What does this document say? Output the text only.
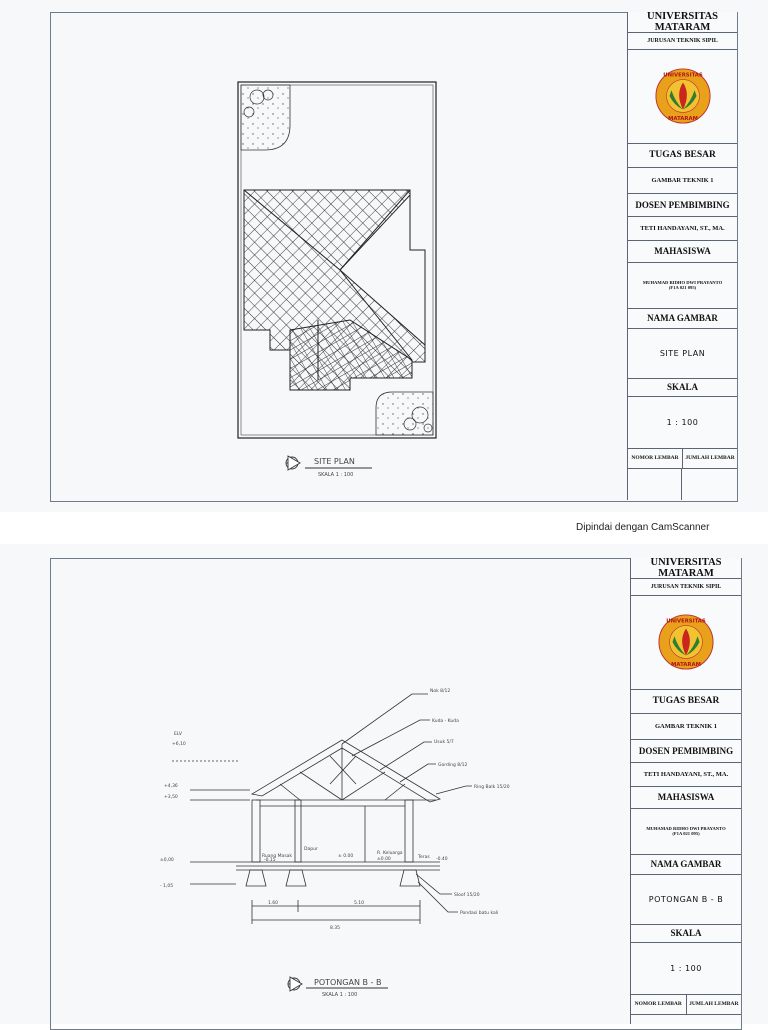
SITE PLAN
SKALA 1 : 100
UNIVERSITAS MATARAM
JURUSAN TEKNIK SIPIL
UNIVERSITAS
MATARAM
TUGAS BESAR
GAMBAR TEKNIK 1
DOSEN PEMBIMBING
TETI HANDAYANI, ST., MA.
MAHASISWA
MUHAMAD RIDHO DWI PRAYANTO
(F1A 021 095)
NAMA GAMBAR
SITE PLAN
SKALA
1 : 100
NOMOR LEMBAR	JUMLAH LEMBAR
Dipindai dengan CamScanner
ELV
+6,10
+4,36
+3,50
±0,00
- 1,05
Nok 8/12
Kuda - Kuda
Usuk 5/7
Gording 8/12
Ring Balk 15/20
Ruang Masak
Dapur
R. Keluarga
Teras
± 0.00
±0.00
-0.15	-0.40
Sloof 15/20
Pondasi batu kali
1.60	5.10
8.35
POTONGAN B - B
SKALA 1 : 100
UNIVERSITAS MATARAM
JURUSAN TEKNIK SIPIL
UNIVERSITAS
MATARAM
TUGAS BESAR
GAMBAR TEKNIK 1
DOSEN PEMBIMBING
TETI HANDAYANI, ST., MA.
MAHASISWA
MUHAMAD RIDHO DWI PRAYANTO
(F1A 021 095)
NAMA GAMBAR
POTONGAN B - B
SKALA
1 : 100
NOMOR LEMBAR	JUMLAH LEMBAR
